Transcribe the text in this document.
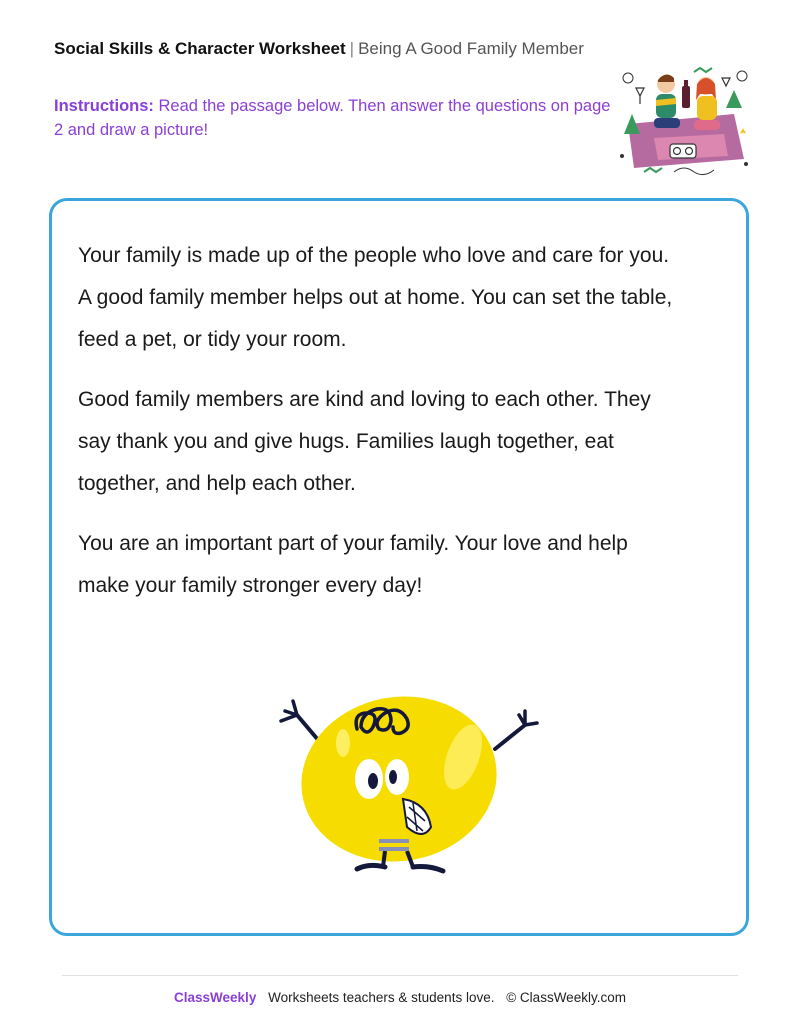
Social Skills & Character Worksheet | Being A Good Family Member
Instructions: Read the passage below. Then answer the questions on page 2 and draw a picture!

Your family is made up of the people who love and care for you. A good family member helps out at home. You can set the table, feed a pet, or tidy your room.

Good family members are kind and loving to each other. They say thank you and give hugs. Families laugh together, eat together, and help each other.

You are an important part of your family. Your love and help make your family stronger every day!

ClassWeekly Worksheets teachers & students love. © ClassWeekly.com
